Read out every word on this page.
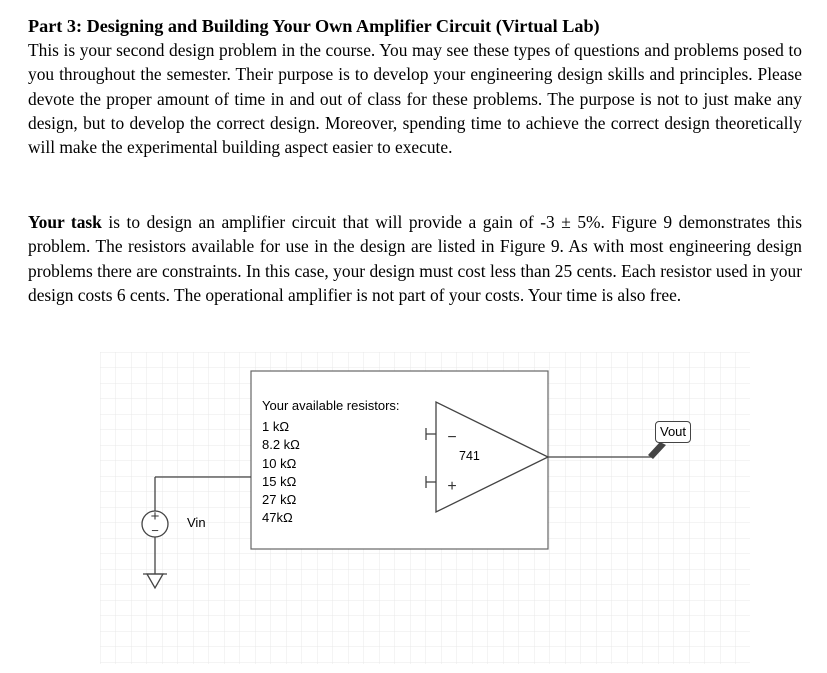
Part 3: Designing and Building Your Own Amplifier Circuit (Virtual Lab)
This is your second design problem in the course. You may see these types of questions and problems posed to you throughout the semester. Their purpose is to develop your engineering design skills and principles. Please devote the proper amount of time in and out of class for these problems. The purpose is not to just make any design, but to develop the correct design. Moreover, spending time to achieve the correct design theoretically will make the experimental building aspect easier to execute.
Your task is to design an amplifier circuit that will provide a gain of -3 ± 5%. Figure 9 demonstrates this problem. The resistors available for use in the design are listed in Figure 9. As with most engineering design problems there are constraints. In this case, your design must cost less than 25 cents. Each resistor used in your design costs 6 cents. The operational amplifier is not part of your costs. Your time is also free.
+
−
−
+
Your available resistors:
1 kΩ
8.2 kΩ
10 kΩ
15 kΩ
27 kΩ
47kΩ
741
Vout
Vin
